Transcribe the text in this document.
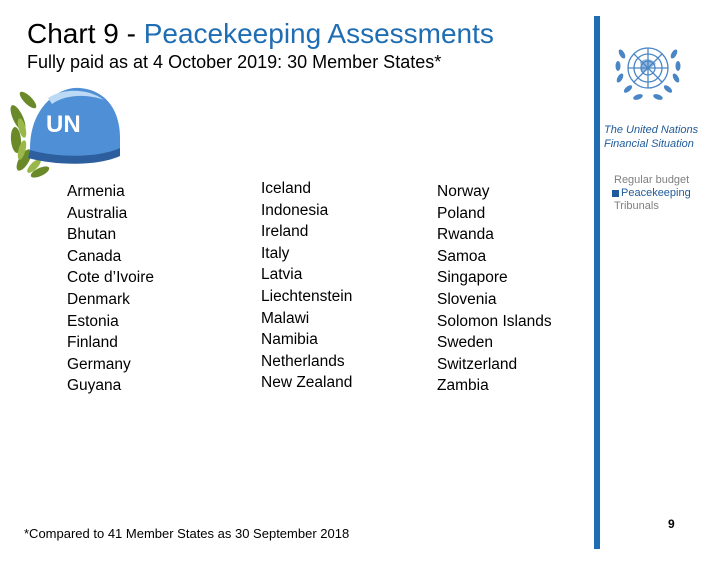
Chart 9 - Peacekeeping Assessments
Fully paid as at 4 October 2019: 30 Member States*
UN
Armenia
Australia
Bhutan
Canada
Cote d’Ivoire
Denmark
Estonia
Finland
Germany
Guyana
Iceland
Indonesia
Ireland
Italy
Latvia
Liechtenstein
Malawi
Namibia
Netherlands
New Zealand
Norway
Poland
Rwanda
Samoa
Singapore
Slovenia
Solomon Islands
Sweden
Switzerland
Zambia
*Compared to 41 Member States as 30 September 2018
The United Nations Financial Situation
Regular budget
Peacekeeping
Tribunals
9
